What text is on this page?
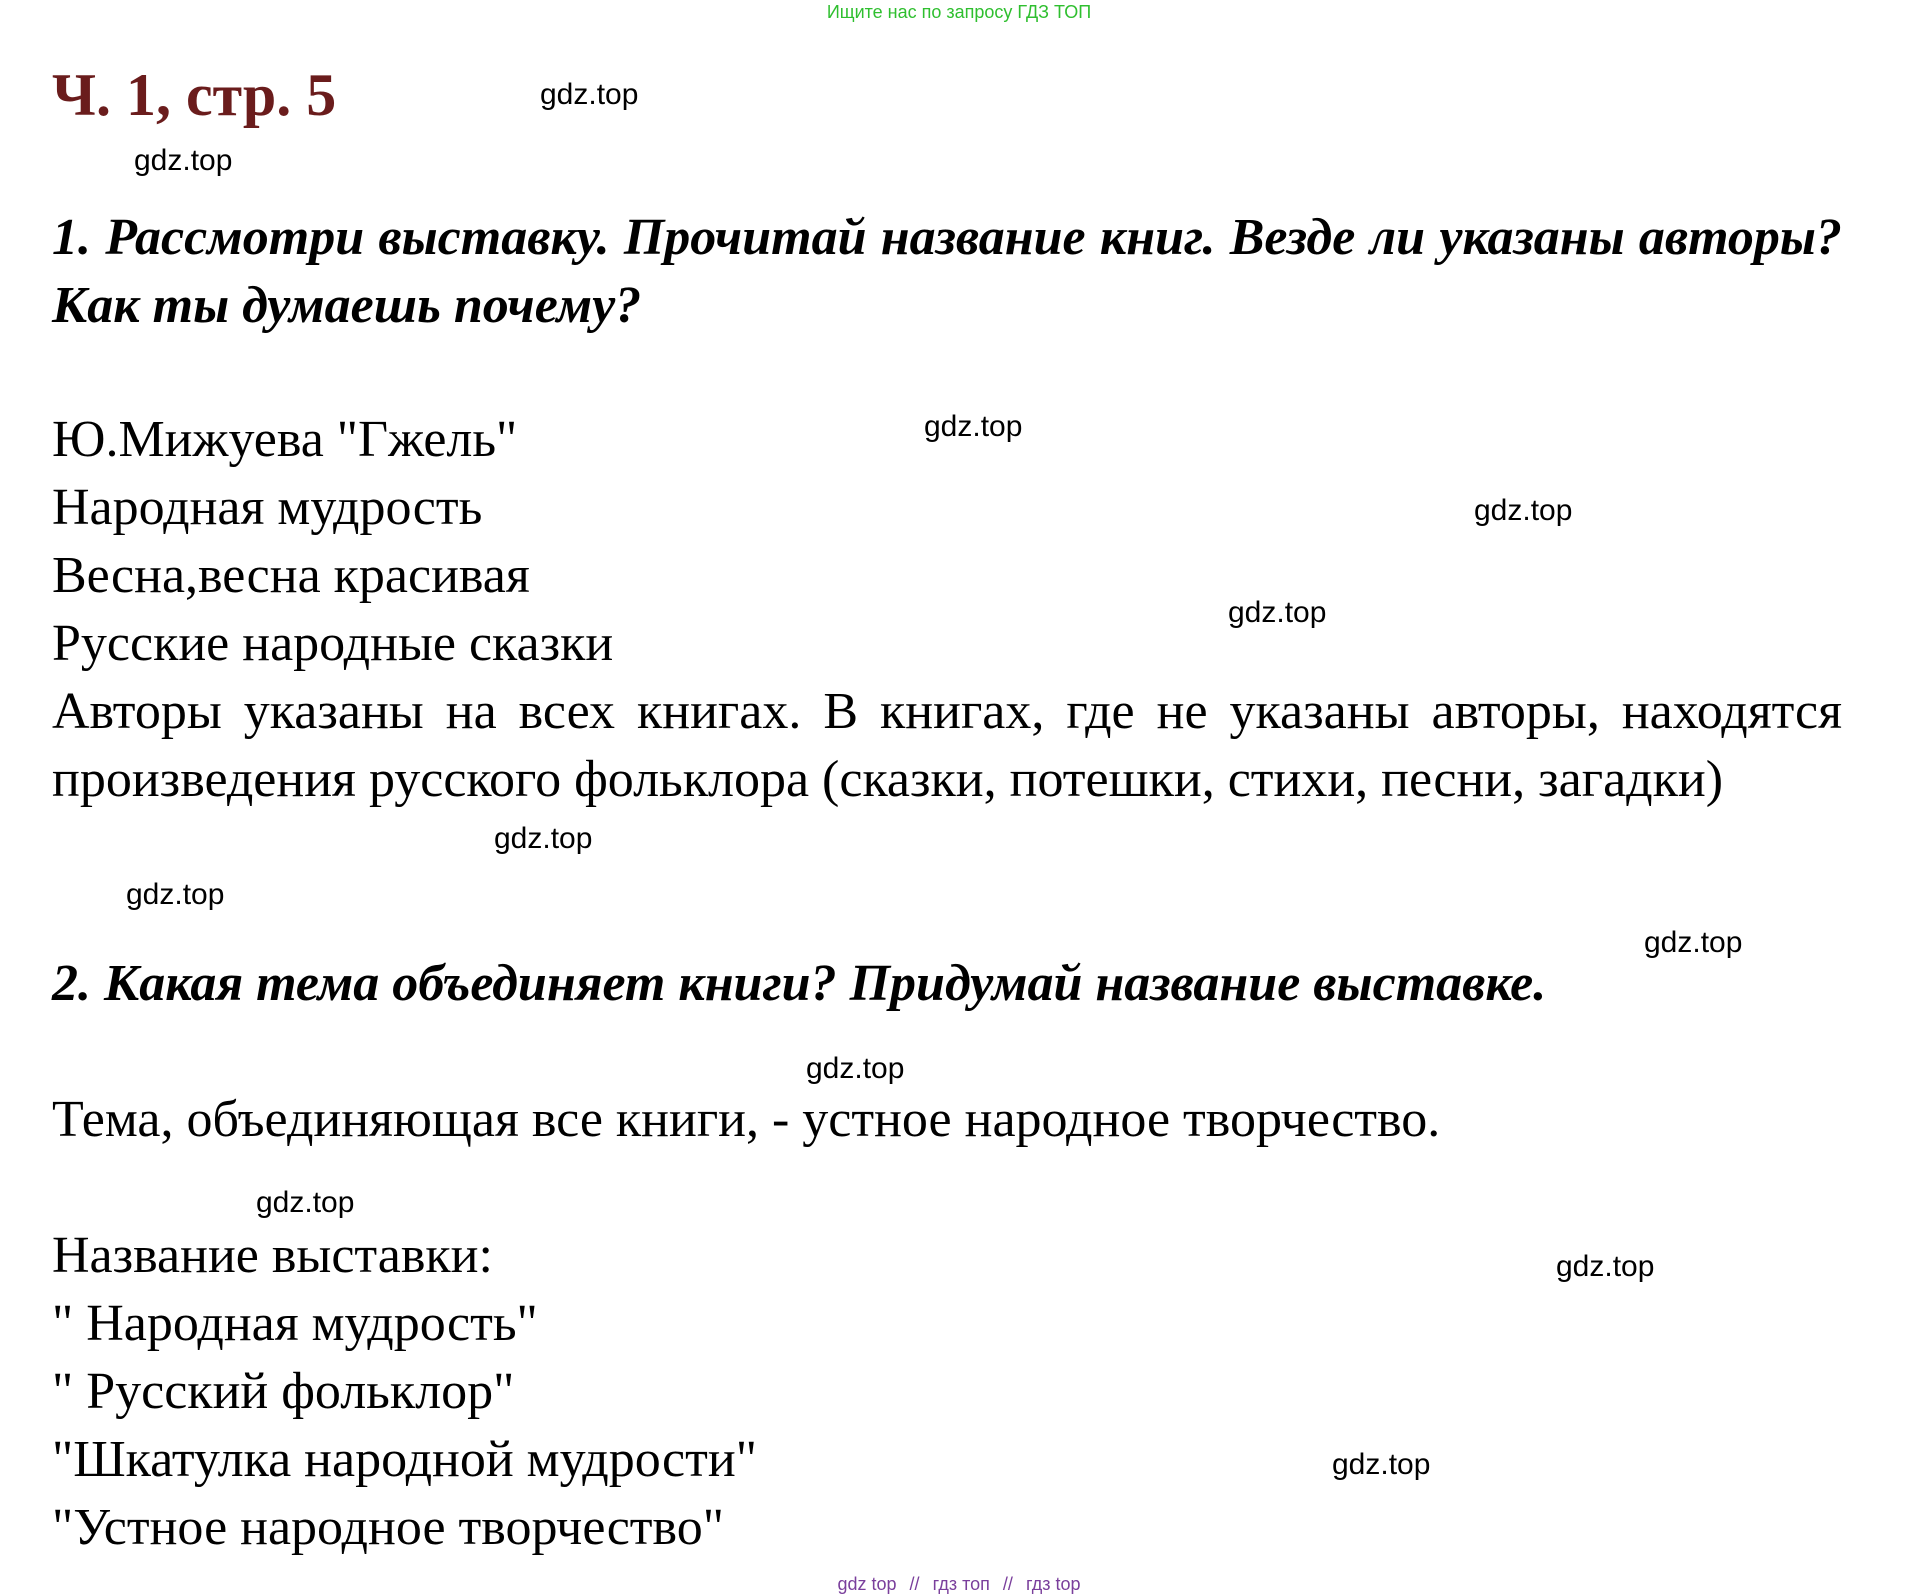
Ищите нас по запросу ГДЗ ТОП
Ч. 1, стр. 5	gdz.top
gdz.top
gdz.top
gdz.top
gdz.top
gdz.top
gdz.top
gdz.top
gdz.top
gdz.top
gdz.top
gdz.top

1. Рассмотри выставку. Прочитай название книг. Везде ли указаны авторы? Как ты думаешь почему?

Ю.Мижуева "Гжель"
Народная мудрость
Весна,весна красивая
Русские народные сказки

Авторы указаны на всех книгах. В книгах, где не указаны авторы, находятся произведения русского фольклора (сказки, потешки, стихи, песни, загадки)

2. Какая тема объединяет книги? Придумай название выставке.

Тема, объединяющая все книги, - устное народное творчество.

Название выставки:
" Народная мудрость"
" Русский фольклор"
"Шкатулка народной мудрости"
"Устное народное творчество"
gdz top // гдз топ // гдз top
